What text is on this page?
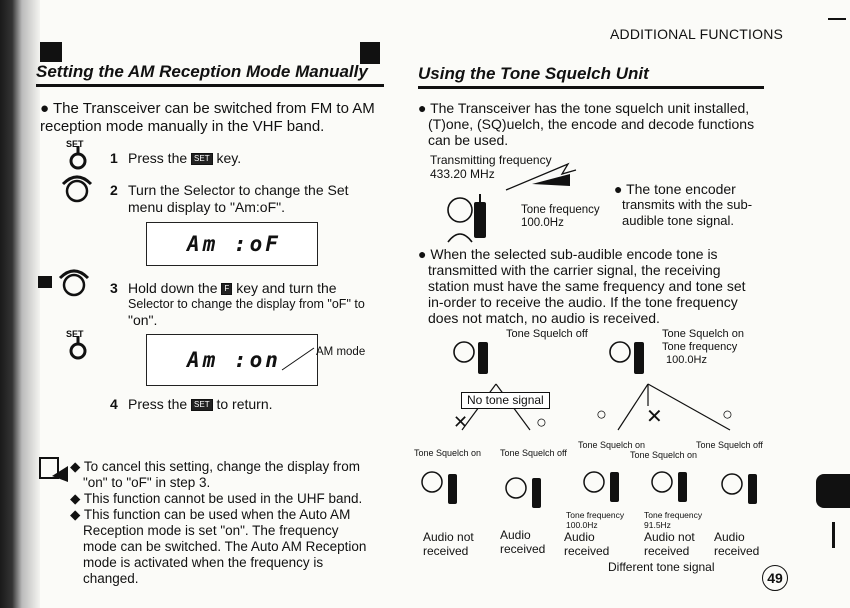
ADDITIONAL FUNCTIONS
Setting the AM Reception Mode Manually
● The Transceiver can be switched from FM to AM reception mode manually in the VHF band.
SET
1 Press the SET key.
2 Turn the Selector to change the Set
menu display to "Am:oF".
Am :oF
3 Hold down the F key and turn the
Selector to change the display from "oF" to
"on".
SET
Am :on	AM mode
4 Press the SET to return.
◆ To cancel this setting, change the display from
"on" to "oF" in step 3.
◆ This function cannot be used in the UHF band.
◆ This function can be used when the Auto AM
Reception mode is set "on". The frequency
mode can be switched. The Auto AM Reception
mode is activated when the frequency is
changed.
Using the Tone Squelch Unit
● The Transceiver has the tone squelch unit installed,
(T)one, (SQ)uelch, the encode and decode functions
can be used.
Transmitting frequency
433.20 MHz
Tone frequency
100.0Hz
● The tone encoder
transmits with the sub-
audible tone signal.
● When the selected sub-audible encode tone is
transmitted with the carrier signal, the receiving
station must have the same frequency and tone set
in-order to receive the audio. If the tone frequency
does not match, no audio is received.
Tone Squelch off	Tone Squelch on
Tone frequency
100.0Hz
No tone signal
✕	○	○ ✕	○
Tone Squelch on Tone Squelch off
Tone Squelch on
Tone Squelch on
Tone Squelch off
Tone frequency
100.0Hz
Tone frequency
91.5Hz
Audio not
received
Audio
received
Audio
received
Audio not
received
Audio
received
Different tone signal
49
